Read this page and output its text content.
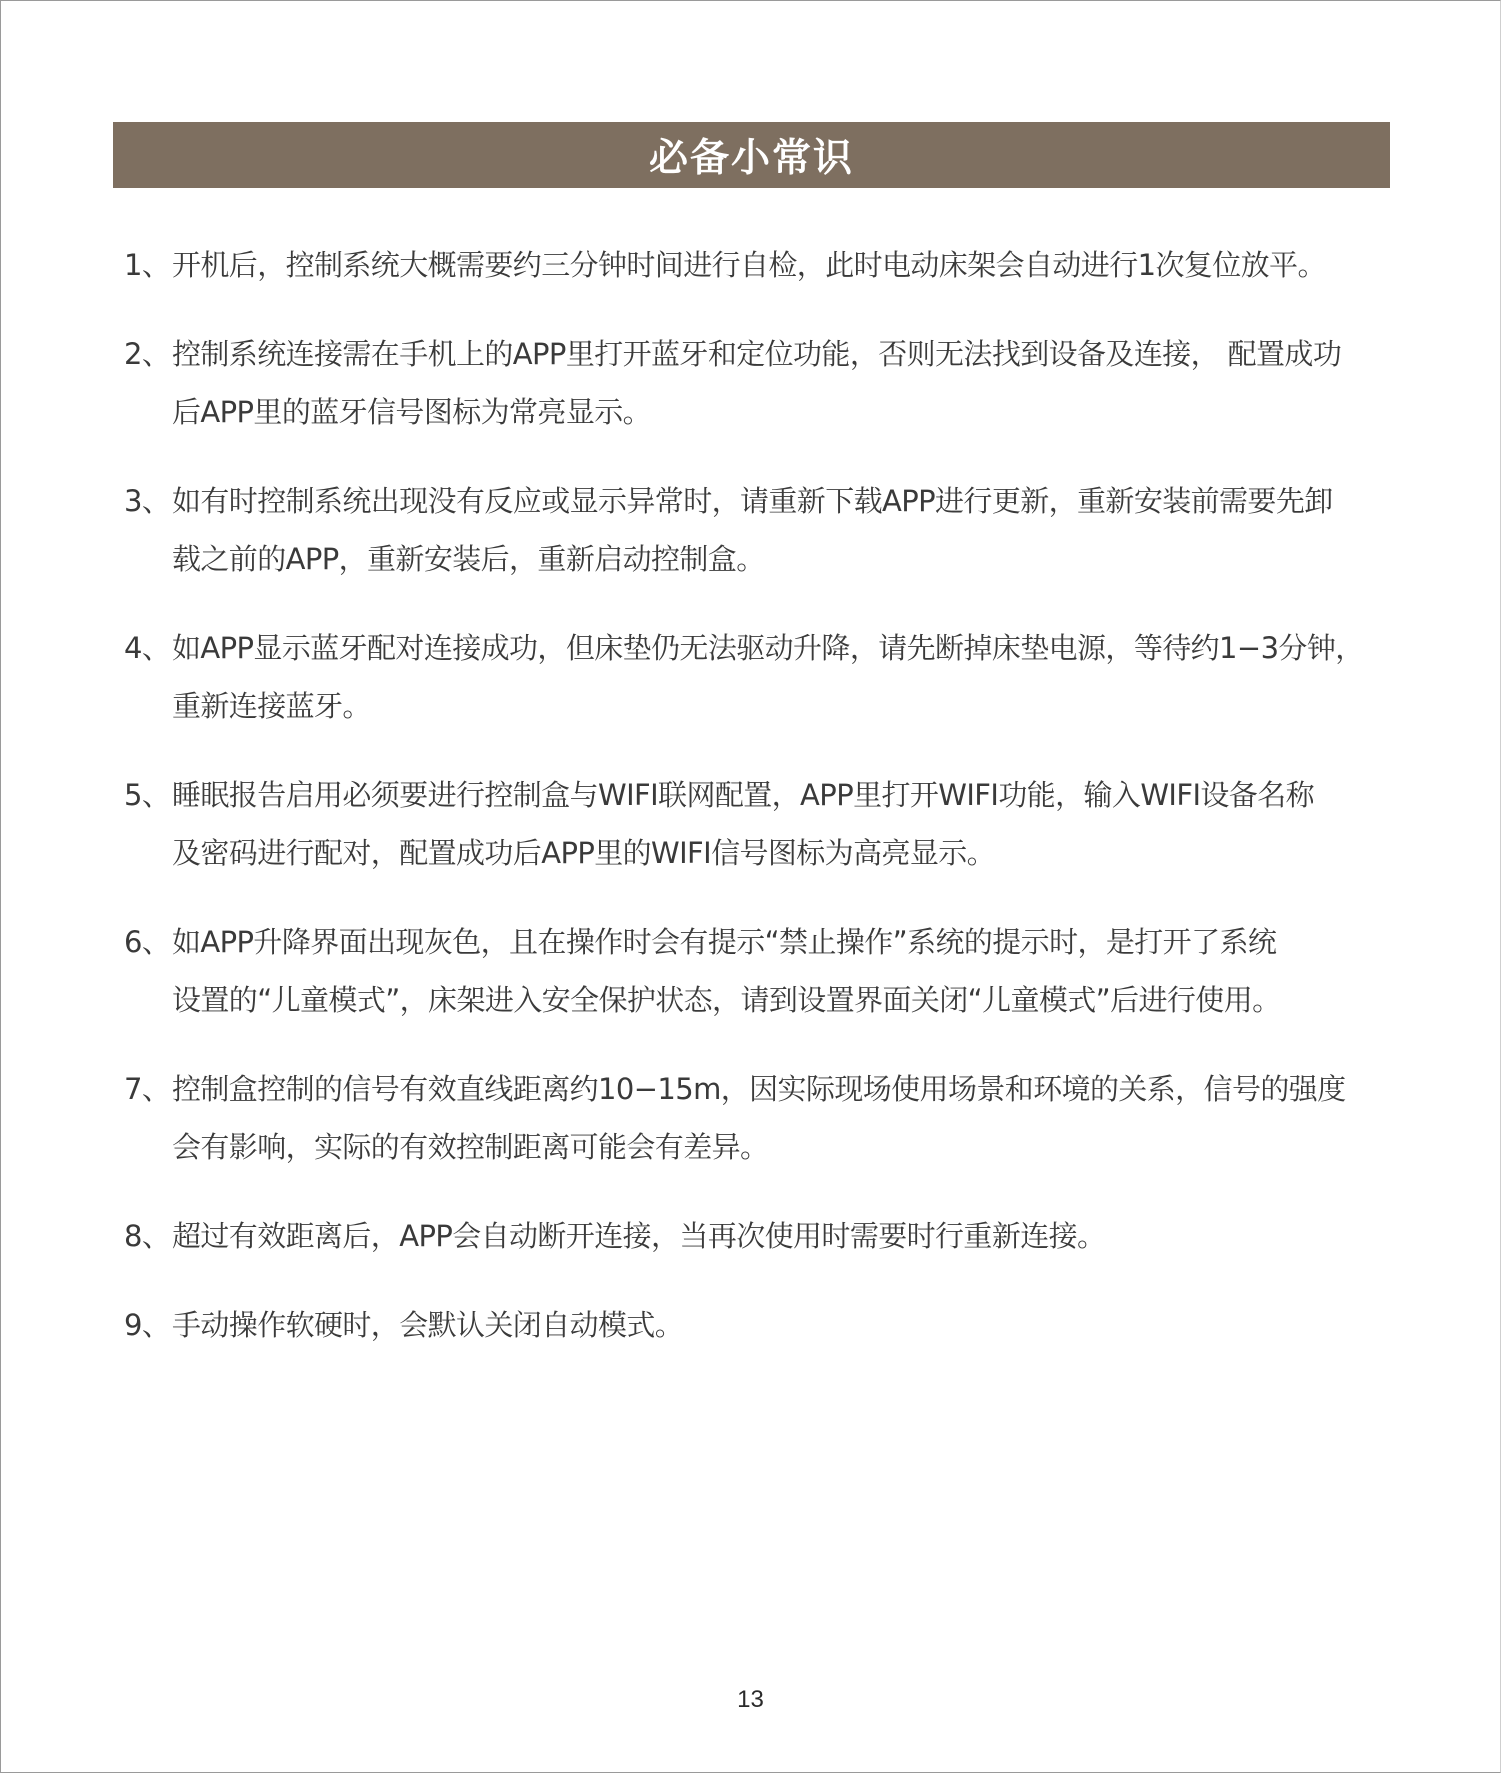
必备小常识
1、 开机后，控制系统大概需要约三分钟时间进行自检，此时电动床架会自动进行1次复位放平。
2、 控制系统连接需在手机上的APP里打开蓝牙和定位功能，否则无法找到设备及连接， 配置成功
后APP里的蓝牙信号图标为常亮显示。
3、 如有时控制系统出现没有反应或显示异常时，请重新下载APP进行更新，重新安装前需要先卸
载之前的APP，重新安装后，重新启动控制盒。
4、 如APP显示蓝牙配对连接成功，但床垫仍无法驱动升降，请先断掉床垫电源，等待约1−3分钟，
重新连接蓝牙。
5、 睡眠报告启用必须要进行控制盒与WIFI联网配置，APP里打开WIFI功能，输入WIFI设备名称
及密码进行配对，配置成功后APP里的WIFI信号图标为高亮显示。
6、 如APP升降界面出现灰色，且在操作时会有提示“禁止操作”系统的提示时，是打开了系统
设置的“儿童模式”，床架进入安全保护状态，请到设置界面关闭“儿童模式”后进行使用。
7、 控制盒控制的信号有效直线距离约10−15m，因实际现场使用场景和环境的关系，信号的强度
会有影响，实际的有效控制距离可能会有差异。
8、 超过有效距离后，APP会自动断开连接，当再次使用时需要时行重新连接。
9、 手动操作软硬时，会默认关闭自动模式。
13
